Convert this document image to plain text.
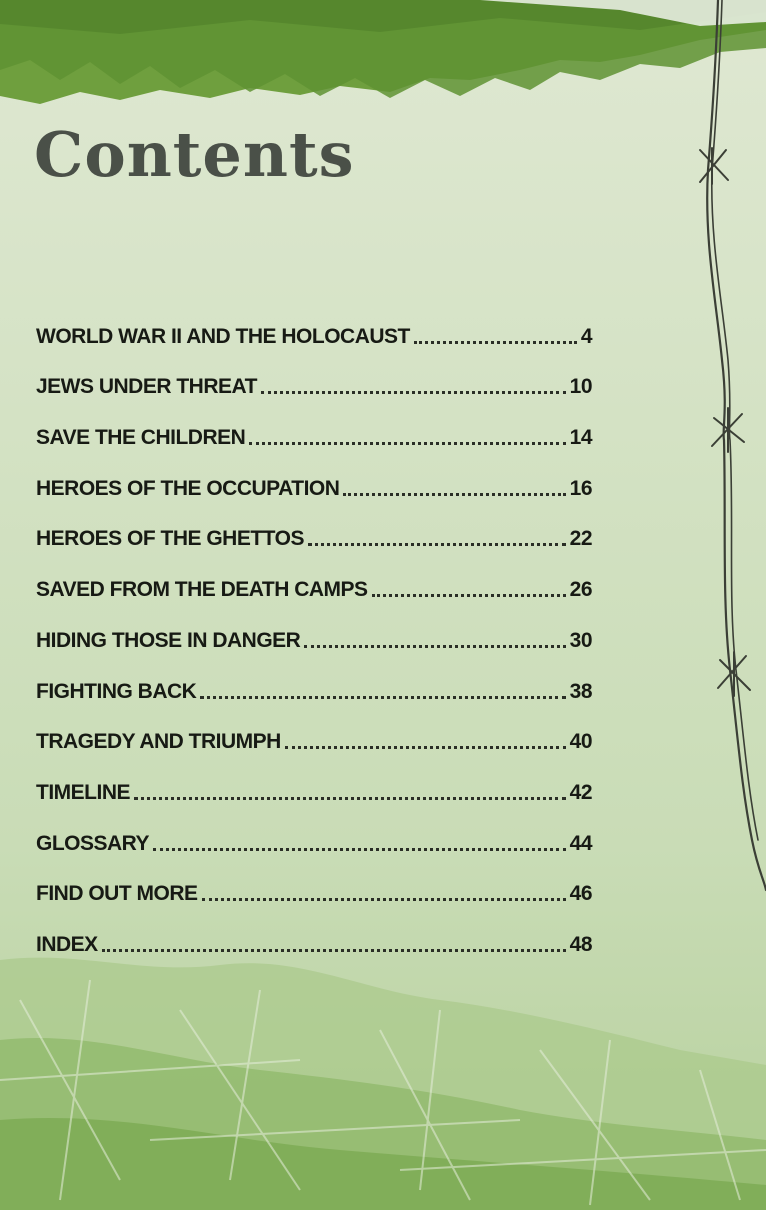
Contents
WORLD WAR II AND THE HOLOCAUST	4
JEWS UNDER THREAT	10
SAVE THE CHILDREN	14
HEROES OF THE OCCUPATION	16
HEROES OF THE GHETTOS	22
SAVED FROM THE DEATH CAMPS	26
HIDING THOSE IN DANGER	30
FIGHTING BACK	38
TRAGEDY AND TRIUMPH	40
TIMELINE	42
GLOSSARY	44
FIND OUT MORE	46
INDEX	48
